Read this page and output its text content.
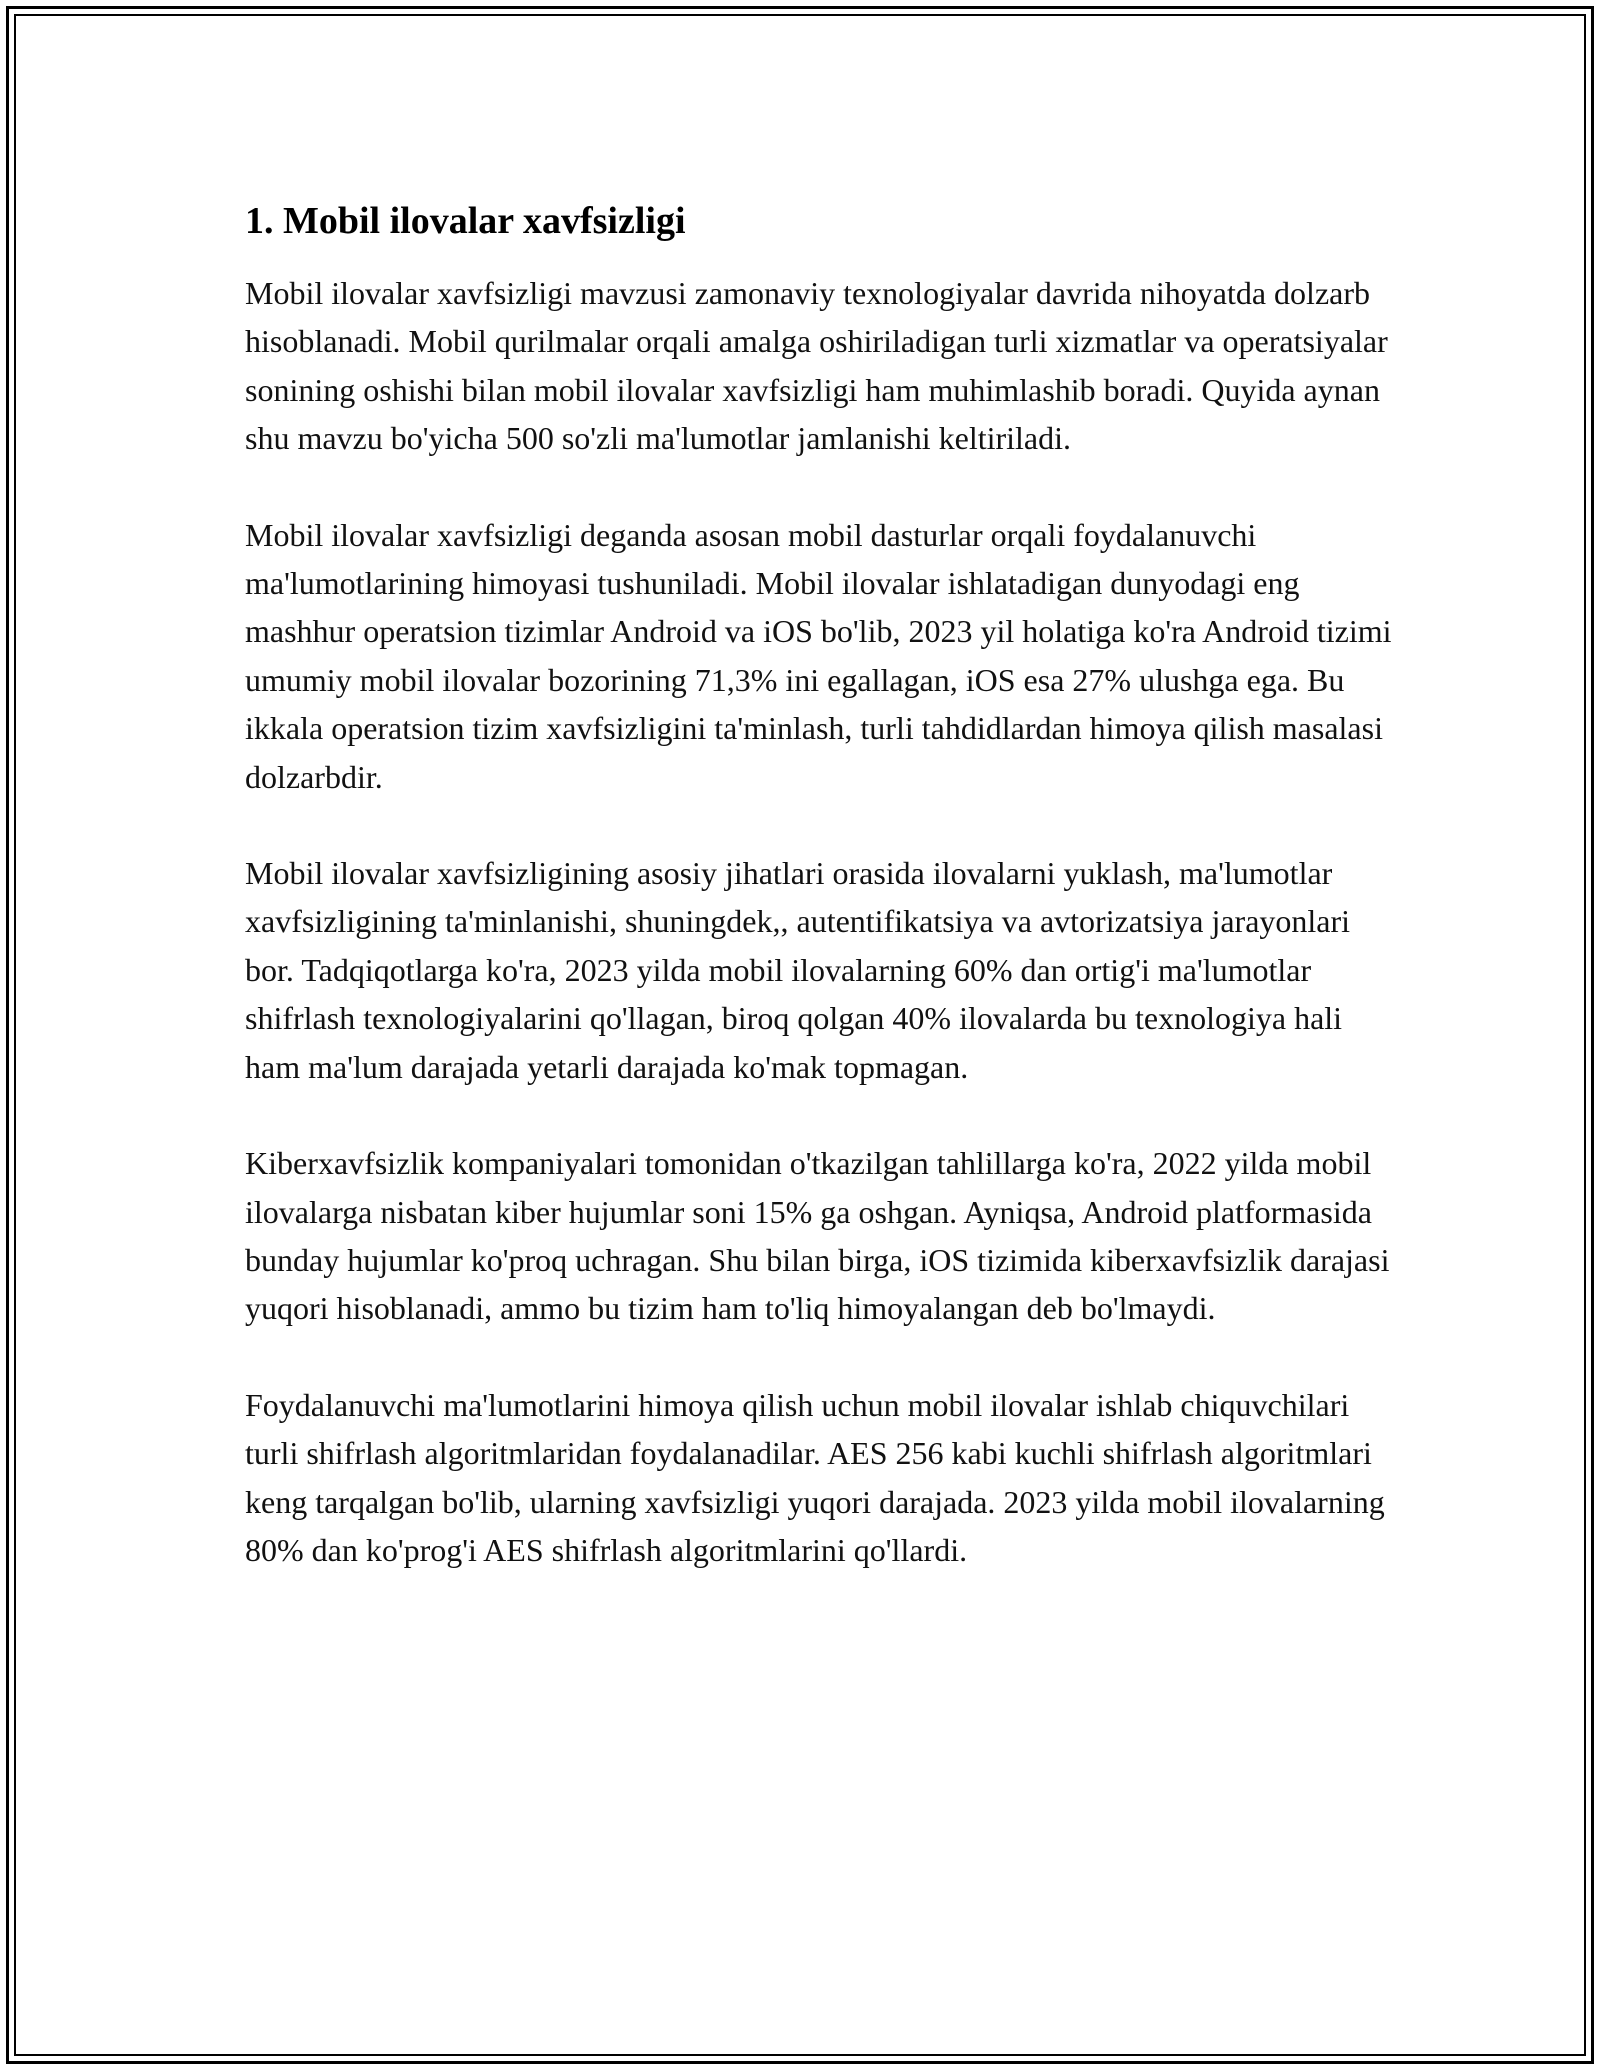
1. Mobil ilovalar xavfsizligi

Mobil ilovalar xavfsizligi mavzusi zamonaviy texnologiyalar davrida nihoyatda dolzarb hisoblanadi. Mobil qurilmalar orqali amalga oshiriladigan turli xizmatlar va operatsiyalar sonining oshishi bilan mobil ilovalar xavfsizligi ham muhimlashib boradi. Quyida aynan shu mavzu bo'yicha 500 so'zli ma'lumotlar jamlanishi keltiriladi.

Mobil ilovalar xavfsizligi deganda asosan mobil dasturlar orqali foydalanuvchi ma'lumotlarining himoyasi tushuniladi. Mobil ilovalar ishlatadigan dunyodagi eng mashhur operatsion tizimlar Android va iOS bo'lib, 2023 yil holatiga ko'ra Android tizimi umumiy mobil ilovalar bozorining 71,3% ini egallagan, iOS esa 27% ulushga ega. Bu ikkala operatsion tizim xavfsizligini ta'minlash, turli tahdidlardan himoya qilish masalasi dolzarbdir.

Mobil ilovalar xavfsizligining asosiy jihatlari orasida ilovalarni yuklash, ma'lumotlar xavfsizligining ta'minlanishi, shuningdek,, autentifikatsiya va avtorizatsiya jarayonlari bor. Tadqiqotlarga ko'ra, 2023 yilda mobil ilovalarning 60% dan ortig'i ma'lumotlar shifrlash texnologiyalarini qo'llagan, biroq qolgan 40% ilovalarda bu texnologiya hali ham ma'lum darajada yetarli darajada ko'mak topmagan.

Kiberxavfsizlik kompaniyalari tomonidan o'tkazilgan tahlillarga ko'ra, 2022 yilda mobil ilovalarga nisbatan kiber hujumlar soni 15% ga oshgan. Ayniqsa, Android platformasida bunday hujumlar ko'proq uchragan. Shu bilan birga, iOS tizimida kiberxavfsizlik darajasi yuqori hisoblanadi, ammo bu tizim ham to'liq himoyalangan deb bo'lmaydi.

Foydalanuvchi ma'lumotlarini himoya qilish uchun mobil ilovalar ishlab chiquvchilari turli shifrlash algoritmlaridan foydalanadilar. AES 256 kabi kuchli shifrlash algoritmlari keng tarqalgan bo'lib, ularning xavfsizligi yuqori darajada. 2023 yilda mobil ilovalarning 80% dan ko'prog'i AES shifrlash algoritmlarini qo'llardi.
